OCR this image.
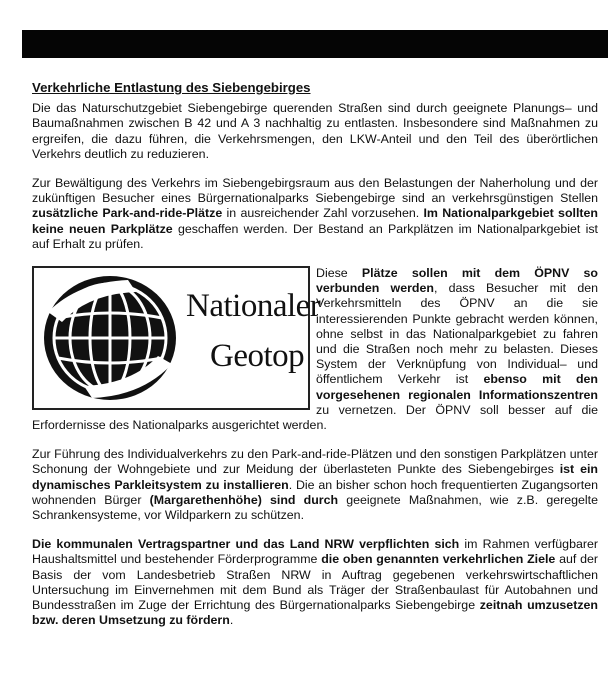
Verkehrliche Entlastung des Siebengebirges

Die das Naturschutzgebiet Siebengebirge querenden Straßen sind durch geeignete Planungs– und Baumaßnahmen zwischen B 42 und A 3 nachhaltig zu entlasten. Insbesondere sind Maßnahmen zu ergreifen, die dazu führen, die Verkehrsmengen, den LKW-Anteil und den Teil des überörtlichen Verkehrs deutlich zu reduzieren.

Zur Bewältigung des Verkehrs im Siebengebirgsraum aus den Belastungen der Naherholung und der zukünftigen Besucher eines Bürgernationalparks Siebengebirge sind an verkehrsgünstigen Stellen zusätzliche Park-and-ride-Plätze in ausreichender Zahl vorzusehen. Im Nationalparkgebiet sollten keine neuen Parkplätze geschaffen werden. Der Bestand an Parkplätzen im Nationalparkgebiet ist auf Erhalt zu prüfen.

Nationaler
Geotop

Diese Plätze sollen mit dem ÖPNV so verbunden werden, dass Besucher mit den Verkehrsmitteln des ÖPNV an die sie interessierenden Punkte gebracht werden können, ohne selbst in das Nationalparkgebiet zu fahren und die Straßen noch mehr zu belasten. Dieses System der Verknüpfung von Individual– und öffentlichem Verkehr ist ebenso mit den vorgesehenen regionalen Informationszentren zu vernetzen. Der ÖPNV soll besser auf die Erfordernisse des Nationalparks ausgerichtet werden.

Zur Führung des Individualverkehrs zu den Park-and-ride-Plätzen und den sonstigen Parkplätzen unter Schonung der Wohngebiete und zur Meidung der überlasteten Punkte des Siebengebirges ist ein dynamisches Parkleitsystem zu installieren. Die an bisher schon hoch frequentierten Zugangsorten wohnenden Bürger (Margarethenhöhe) sind durch geeignete Maßnahmen, wie z.B. geregelte Schrankensysteme, vor Wildparkern zu schützen.

Die kommunalen Vertragspartner und das Land NRW verpflichten sich im Rahmen verfügbarer Haushaltsmittel und bestehender Förderprogramme die oben genannten verkehrlichen Ziele auf der Basis der vom Landesbetrieb Straßen NRW in Auftrag gegebenen verkehrswirtschaftlichen Untersuchung im Einvernehmen mit dem Bund als Träger der Straßenbaulast für Autobahnen und Bundesstraßen im Zuge der Errichtung des Bürgernationalparks Siebengebirge zeitnah umzusetzen bzw. deren Umsetzung zu fördern.
